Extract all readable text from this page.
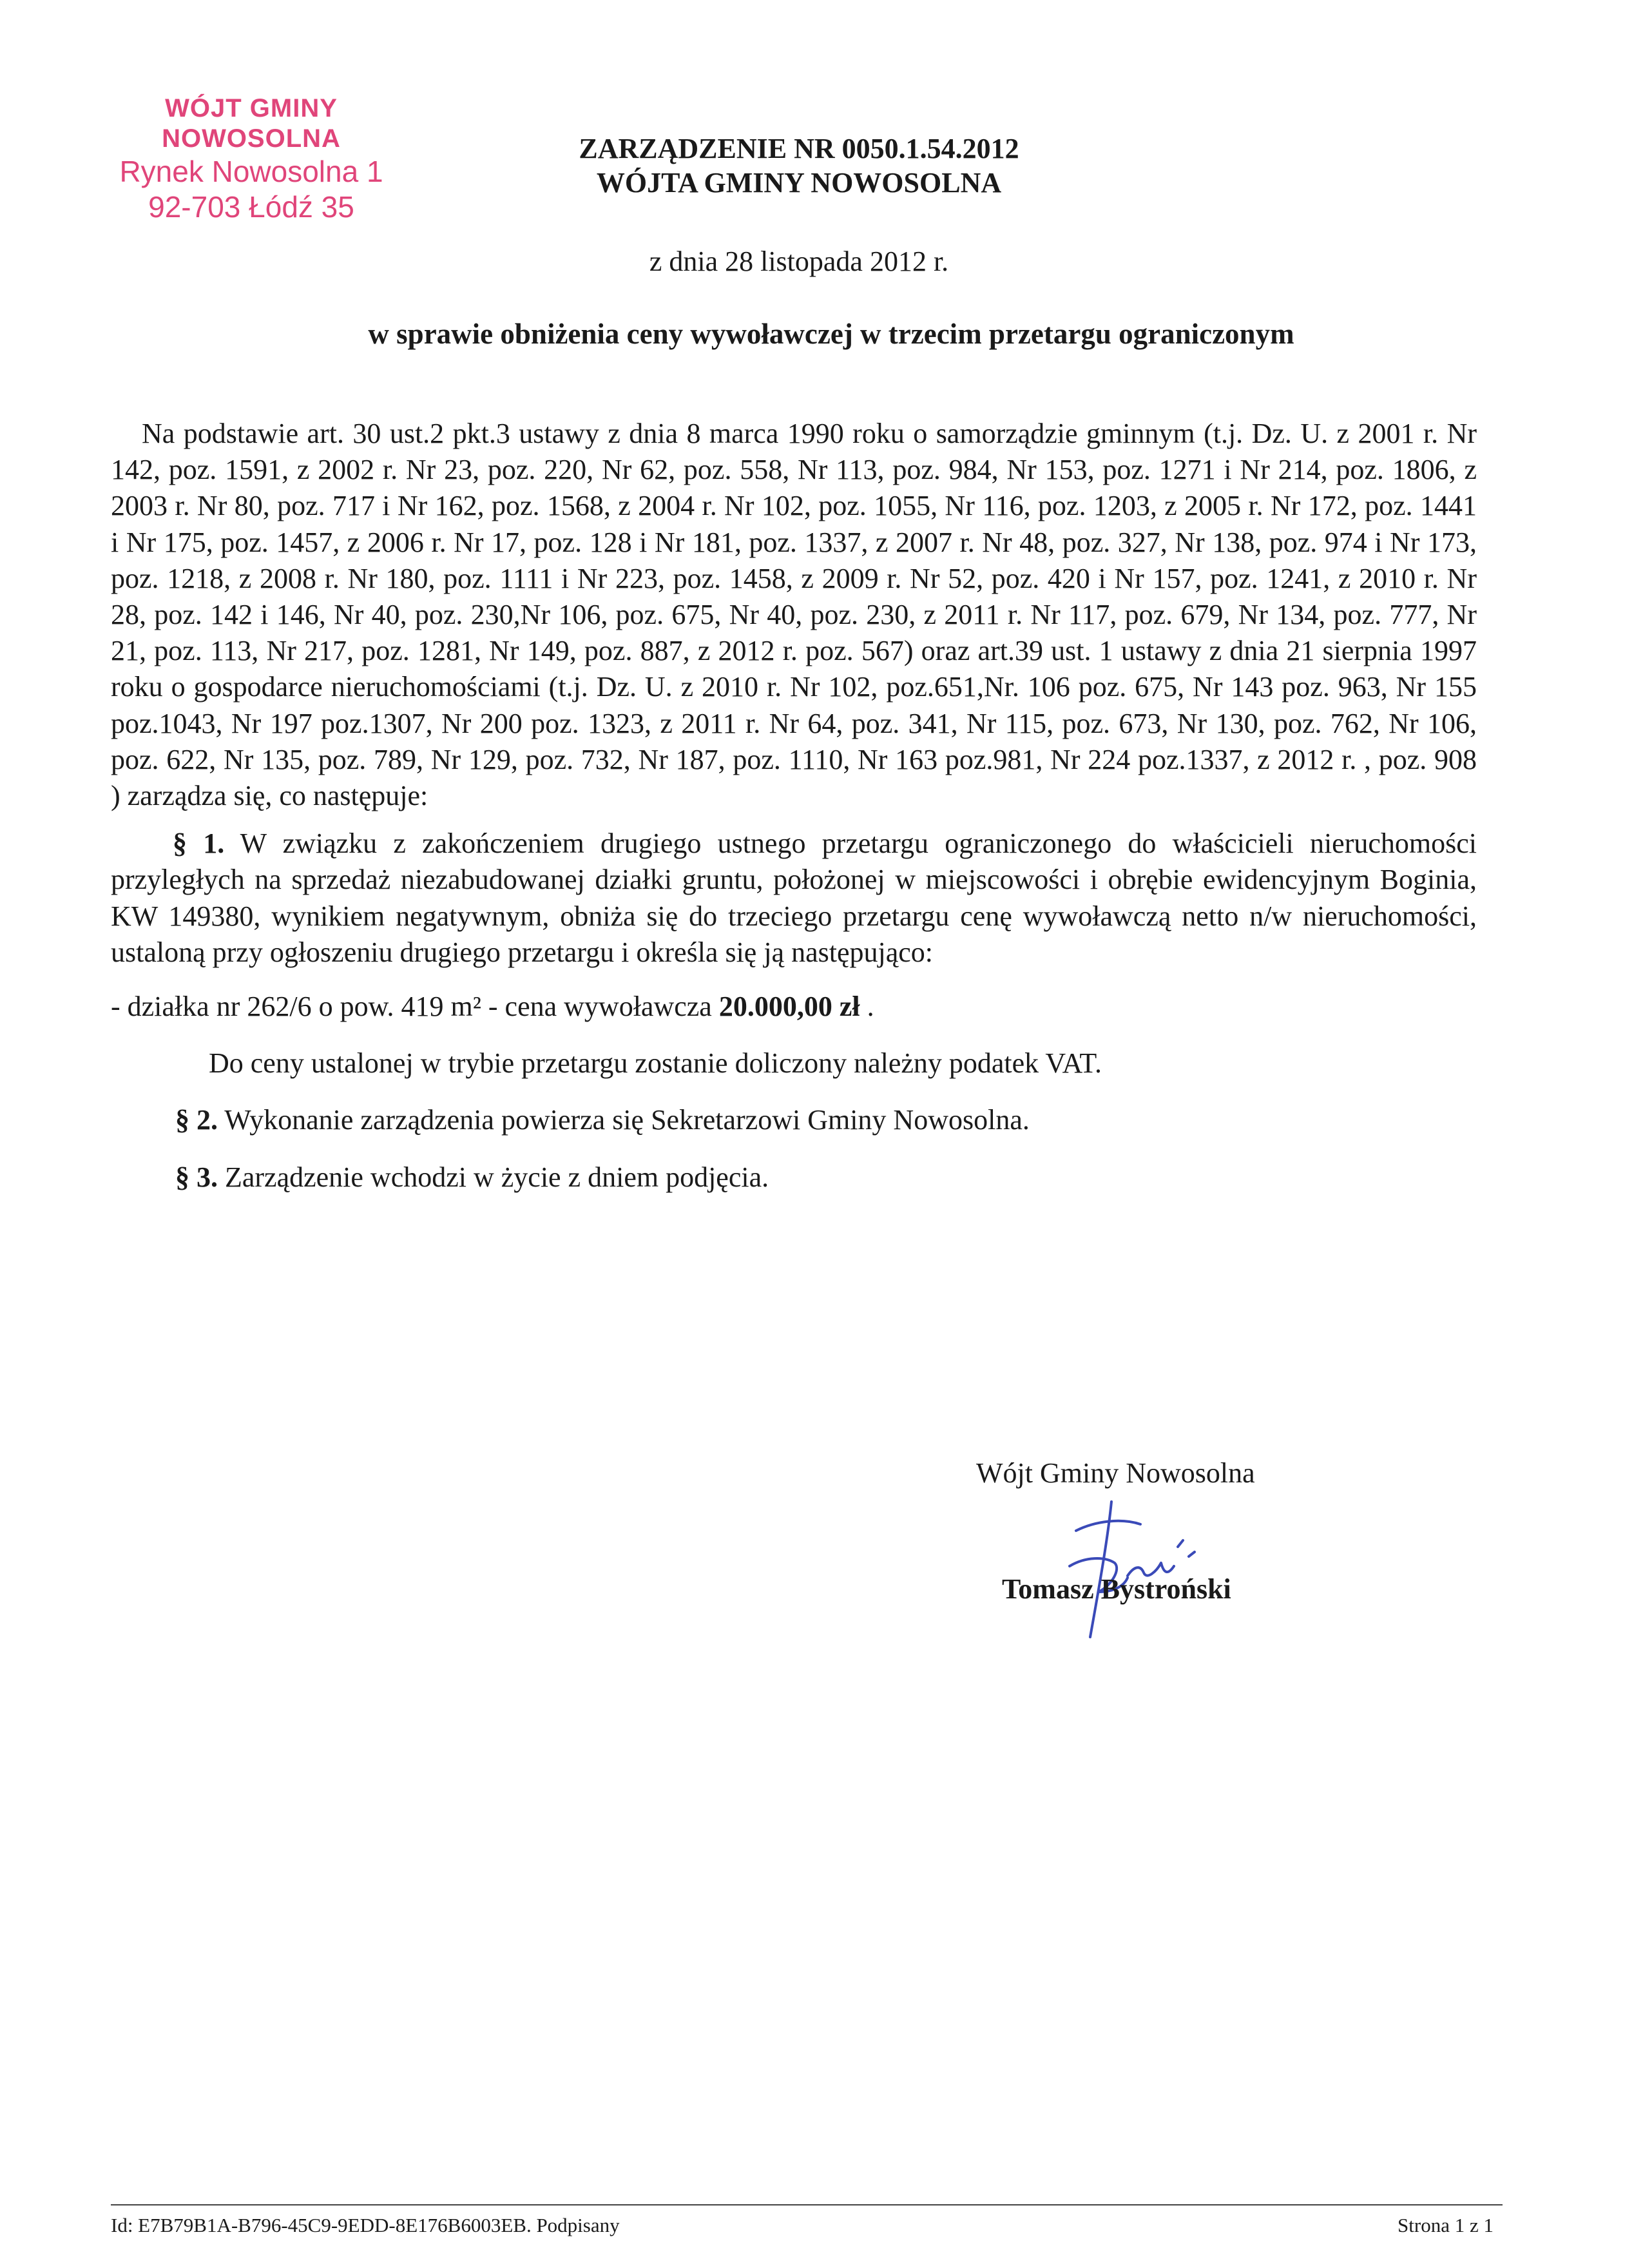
WÓJT GMINY NOWOSOLNA
Rynek Nowosolna 1
92-703 Łódź 35
ZARZĄDZENIE NR 0050.1.54.2012
WÓJTA GMINY NOWOSOLNA
z dnia 28 listopada 2012 r.
w sprawie obniżenia ceny wywoławczej w trzecim przetargu ograniczonym

Na podstawie art. 30 ust.2 pkt.3 ustawy z dnia 8 marca 1990 roku o samorządzie gminnym (t.j. Dz. U. z 2001 r. Nr 142, poz. 1591, z 2002 r. Nr 23, poz. 220, Nr 62, poz. 558, Nr 113, poz. 984, Nr 153, poz. 1271 i Nr 214, poz. 1806, z 2003 r. Nr 80, poz. 717 i Nr 162, poz. 1568, z 2004 r. Nr 102, poz. 1055, Nr 116, poz. 1203, z 2005 r. Nr 172, poz. 1441 i Nr 175, poz. 1457, z 2006 r. Nr 17, poz. 128 i Nr 181, poz. 1337, z 2007 r. Nr 48, poz. 327, Nr 138, poz. 974 i Nr 173, poz. 1218, z 2008 r. Nr 180, poz. 1111 i Nr 223, poz. 1458, z 2009 r. Nr 52, poz. 420 i Nr 157, poz. 1241, z 2010 r. Nr 28, poz. 142 i 146, Nr 40, poz. 230,Nr 106, poz. 675, Nr 40, poz. 230, z 2011 r. Nr 117, poz. 679, Nr 134, poz. 777, Nr 21, poz. 113, Nr 217, poz. 1281, Nr 149, poz. 887, z 2012 r. poz. 567) oraz art.39 ust. 1 ustawy z dnia 21 sierpnia 1997 roku o gospodarce nieruchomościami (t.j. Dz. U. z 2010 r. Nr 102, poz.651,Nr. 106 poz. 675, Nr 143 poz. 963, Nr 155 poz.1043, Nr 197 poz.1307, Nr 200 poz. 1323, z 2011 r. Nr 64, poz. 341, Nr 115, poz. 673, Nr 130, poz. 762, Nr 106, poz. 622, Nr 135, poz. 789, Nr 129, poz. 732, Nr 187, poz. 1110, Nr 163 poz.981, Nr 224 poz.1337, z 2012 r. , poz. 908 ) zarządza się, co następuje:

§ 1. W związku z zakończeniem drugiego ustnego przetargu ograniczonego do właścicieli nieruchomości przyległych na sprzedaż niezabudowanej działki gruntu, położonej w miejscowości i obrębie ewidencyjnym Boginia, KW 149380, wynikiem negatywnym, obniża się do trzeciego przetargu cenę wywoławczą netto n/w nieruchomości, ustaloną przy ogłoszeniu drugiego przetargu i określa się ją następująco:

- działka nr 262/6 o pow. 419 m² - cena wywoławcza 20.000,00 zł .

Do ceny ustalonej w trybie przetargu zostanie doliczony należny podatek VAT.

§ 2. Wykonanie zarządzenia powierza się Sekretarzowi Gminy Nowosolna.

§ 3. Zarządzenie wchodzi w życie z dniem podjęcia.

Wójt Gminy Nowosolna
Tomasz Bystroński
Id: E7B79B1A-B796-45C9-9EDD-8E176B6003EB. Podpisany	Strona 1 z 1
